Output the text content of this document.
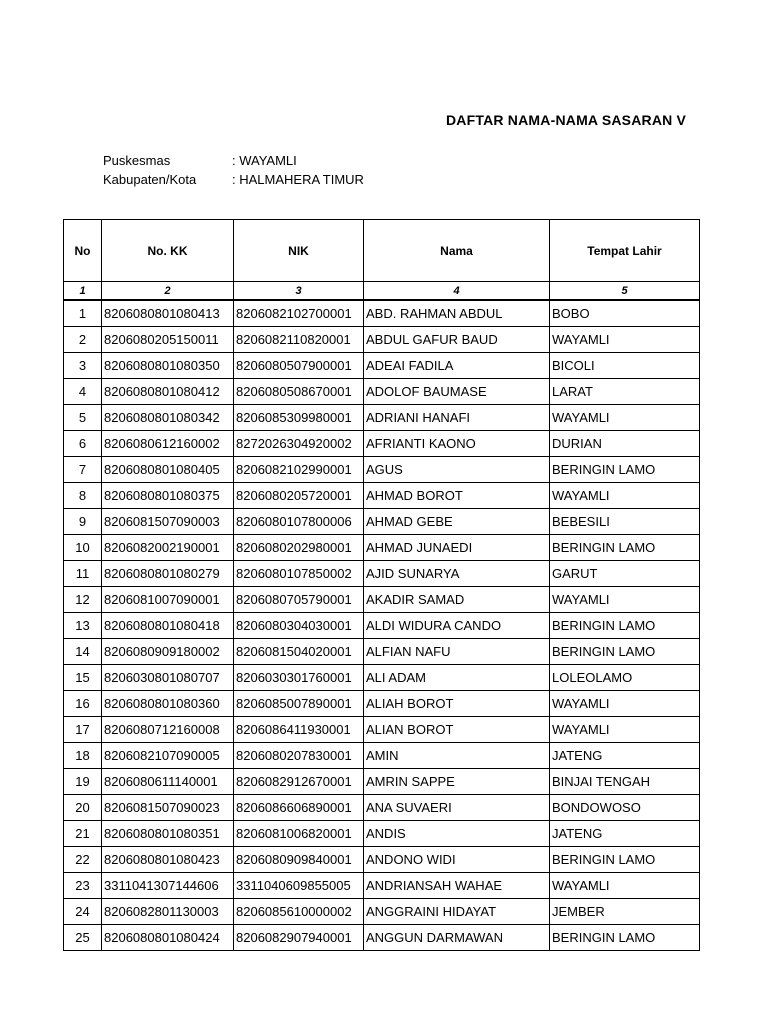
DAFTAR NAMA-NAMA SASARAN V
Puskesmas	: WAYAMLI
Kabupaten/Kota	: HALMAHERA TIMUR
No	No. KK	NIK	Nama	Tempat Lahir
1	2	3	4	5
1	8206080801080413	8206082102700001	ABD. RAHMAN ABDUL	BOBO
2	8206080205150011	8206082110820001	ABDUL GAFUR BAUD	WAYAMLI
3	8206080801080350	8206080507900001	ADEAI FADILA	BICOLI
4	8206080801080412	8206080508670001	ADOLOF BAUMASE	LARAT
5	8206080801080342	8206085309980001	ADRIANI HANAFI	WAYAMLI
6	8206080612160002	8272026304920002	AFRIANTI KAONO	DURIAN
7	8206080801080405	8206082102990001	AGUS	BERINGIN LAMO
8	8206080801080375	8206080205720001	AHMAD BOROT	WAYAMLI
9	8206081507090003	8206080107800006	AHMAD GEBE	BEBESILI
10	8206082002190001	8206080202980001	AHMAD JUNAEDI	BERINGIN LAMO
11	8206080801080279	8206080107850002	AJID SUNARYA	GARUT
12	8206081007090001	8206080705790001	AKADIR SAMAD	WAYAMLI
13	8206080801080418	8206080304030001	ALDI WIDURA CANDO	BERINGIN LAMO
14	8206080909180002	8206081504020001	ALFIAN NAFU	BERINGIN LAMO
15	8206030801080707	8206030301760001	ALI ADAM	LOLEOLAMO
16	8206080801080360	8206085007890001	ALIAH BOROT	WAYAMLI
17	8206080712160008	8206086411930001	ALIAN BOROT	WAYAMLI
18	8206082107090005	8206080207830001	AMIN	JATENG
19	8206080611140001	8206082912670001	AMRIN SAPPE	BINJAI TENGAH
20	8206081507090023	8206086606890001	ANA SUVAERI	BONDOWOSO
21	8206080801080351	8206081006820001	ANDIS	JATENG
22	8206080801080423	8206080909840001	ANDONO WIDI	BERINGIN LAMO
23	3311041307144606	3311040609855005	ANDRIANSAH WAHAE	WAYAMLI
24	8206082801130003	8206085610000002	ANGGRAINI HIDAYAT	JEMBER
25	8206080801080424	8206082907940001	ANGGUN DARMAWAN	BERINGIN LAMO
